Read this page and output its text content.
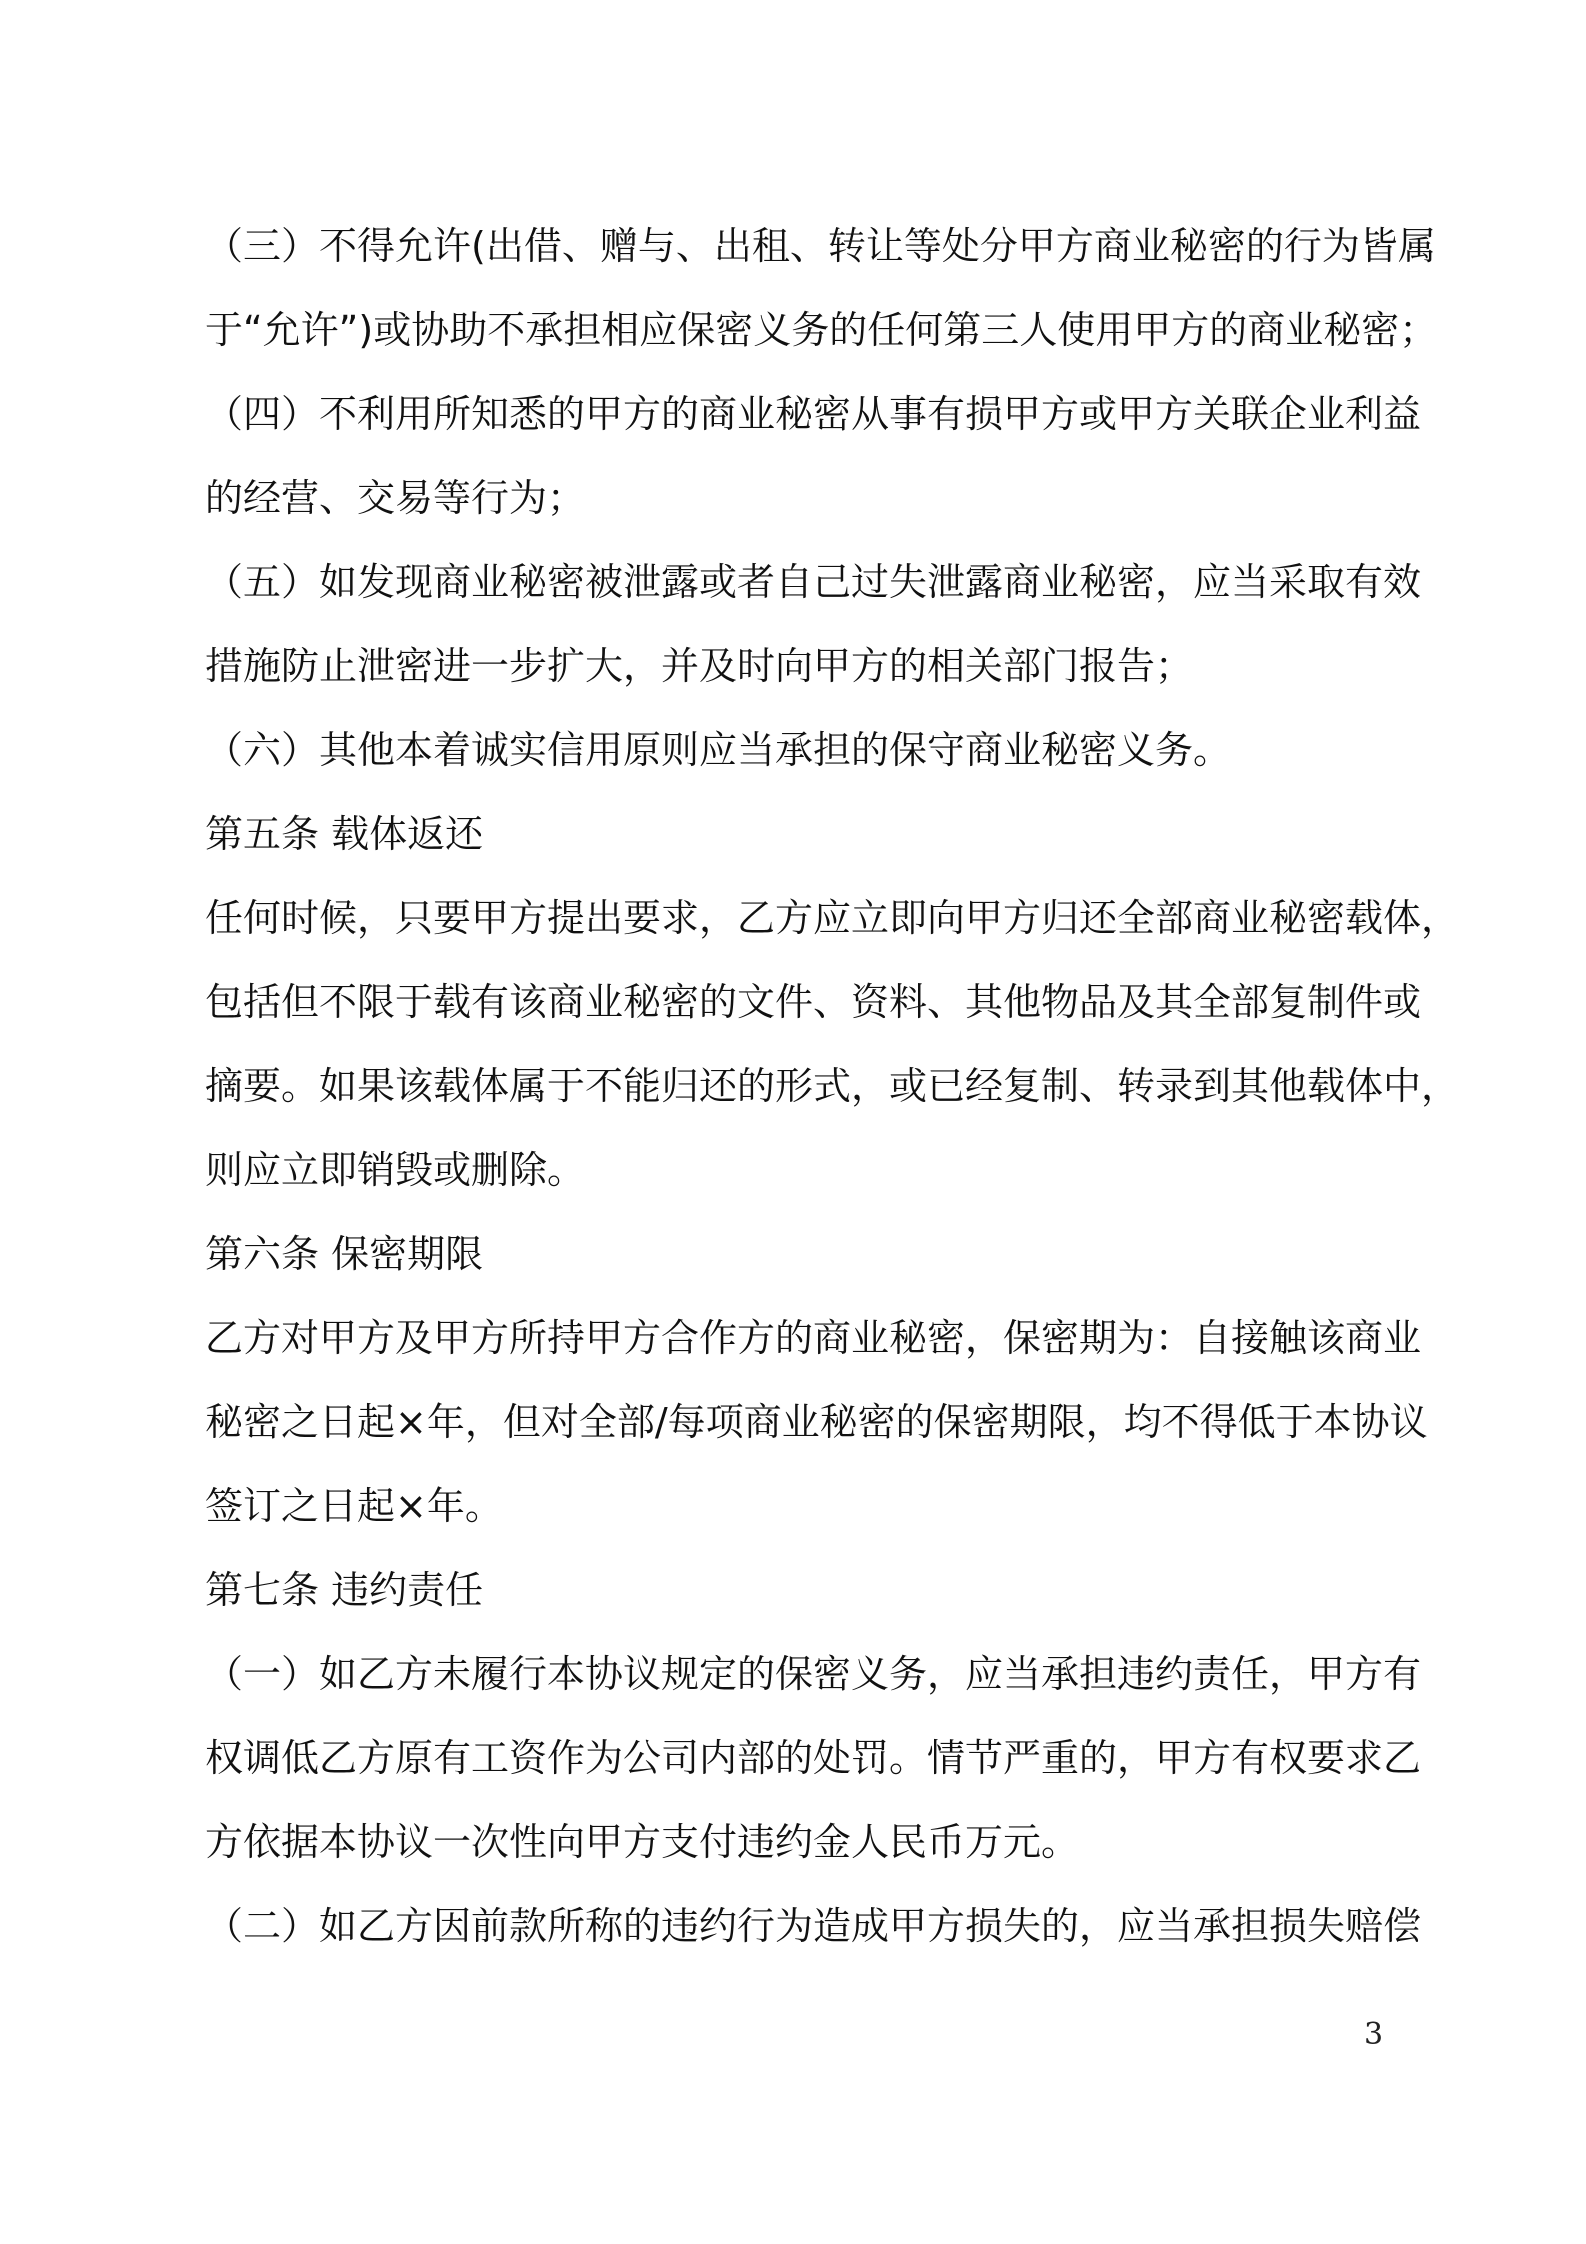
（三）不得允许(出借、赠与、出租、转让等处分甲方商业秘密的行为皆属
于“允许”)或协助不承担相应保密义务的任何第三人使用甲方的商业秘密；
（四）不利用所知悉的甲方的商业秘密从事有损甲方或甲方关联企业利益
的经营、交易等行为；
（五）如发现商业秘密被泄露或者自己过失泄露商业秘密，应当采取有效
措施防止泄密进一步扩大，并及时向甲方的相关部门报告；
（六）其他本着诚实信用原则应当承担的保守商业秘密义务。
第五条 载体返还
任何时候，只要甲方提出要求，乙方应立即向甲方归还全部商业秘密载体，
包括但不限于载有该商业秘密的文件、资料、其他物品及其全部复制件或
摘要。如果该载体属于不能归还的形式，或已经复制、转录到其他载体中，
则应立即销毁或删除。
第六条 保密期限
乙方对甲方及甲方所持甲方合作方的商业秘密，保密期为：自接触该商业
秘密之日起×年，但对全部/每项商业秘密的保密期限，均不得低于本协议
签订之日起×年。
第七条 违约责任
（一）如乙方未履行本协议规定的保密义务，应当承担违约责任，甲方有
权调低乙方原有工资作为公司内部的处罚。情节严重的，甲方有权要求乙
方依据本协议一次性向甲方支付违约金人民币万元。
（二）如乙方因前款所称的违约行为造成甲方损失的，应当承担损失赔偿
3
